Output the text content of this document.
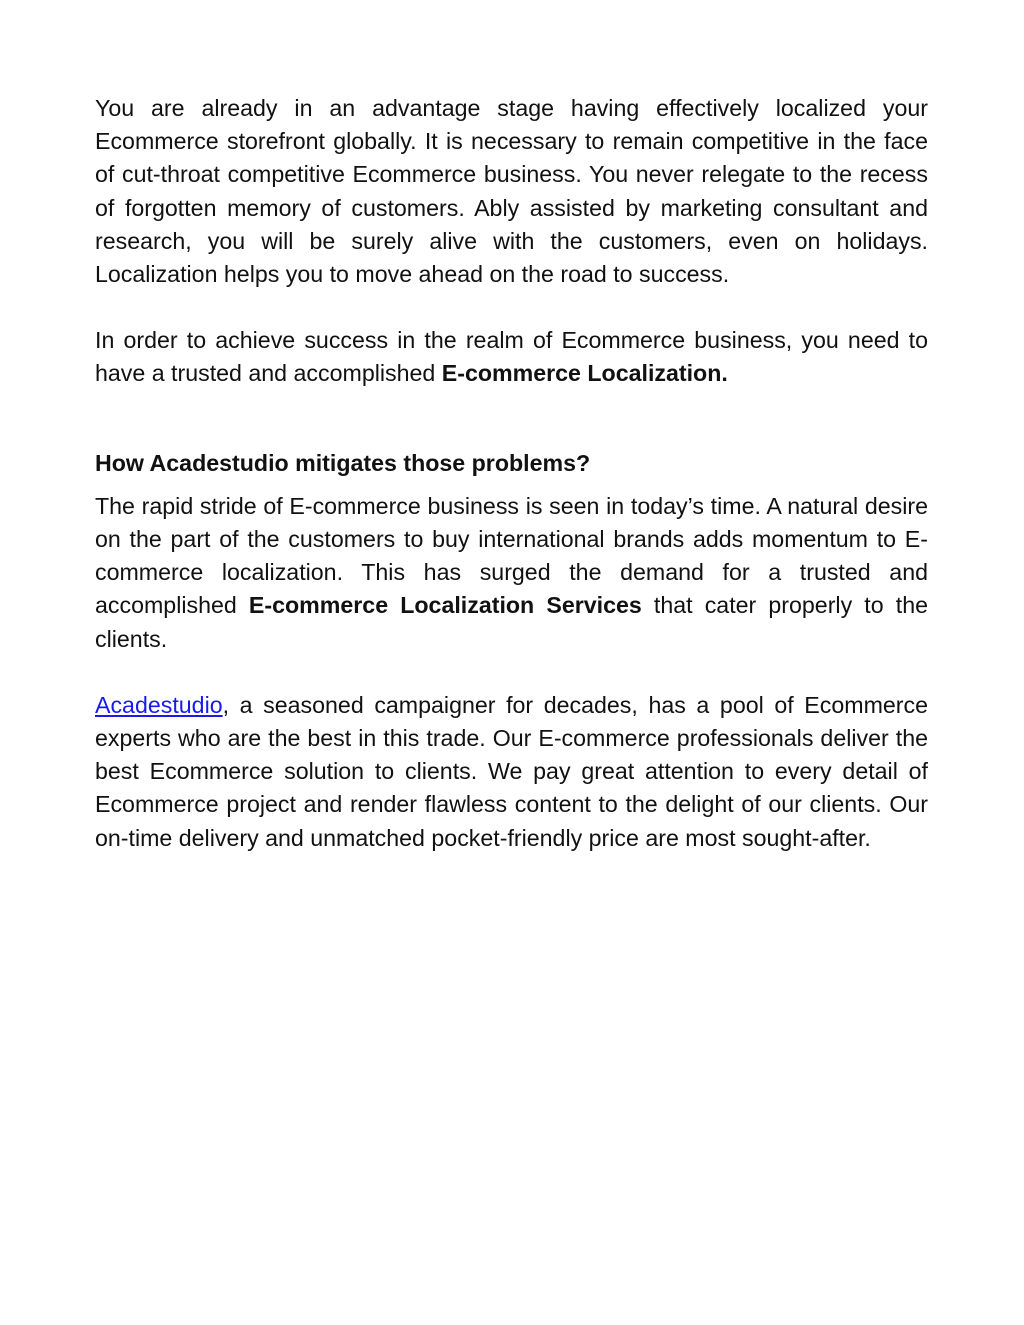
You are already in an advantage stage having effectively localized your Ecommerce storefront globally. It is necessary to remain competitive in the face of cut-throat competitive Ecommerce business. You never relegate to the recess of forgotten memory of customers. Ably assisted by marketing consultant and research, you will be surely alive with the customers, even on holidays. Localization helps you to move ahead on the road to success.

In order to achieve success in the realm of Ecommerce business, you need to have a trusted and accomplished E-commerce Localization.

How Acadestudio mitigates those problems?

The rapid stride of E-commerce business is seen in today’s time. A natural desire on the part of the customers to buy international brands adds momentum to E-commerce localization. This has surged the demand for a trusted and accomplished E-commerce Localization Services that cater properly to the clients.

Acadestudio, a seasoned campaigner for decades, has a pool of Ecommerce experts who are the best in this trade. Our E-commerce professionals deliver the best Ecommerce solution to clients. We pay great attention to every detail of Ecommerce project and render flawless content to the delight of our clients. Our on-time delivery and unmatched pocket-friendly price are most sought-after.
